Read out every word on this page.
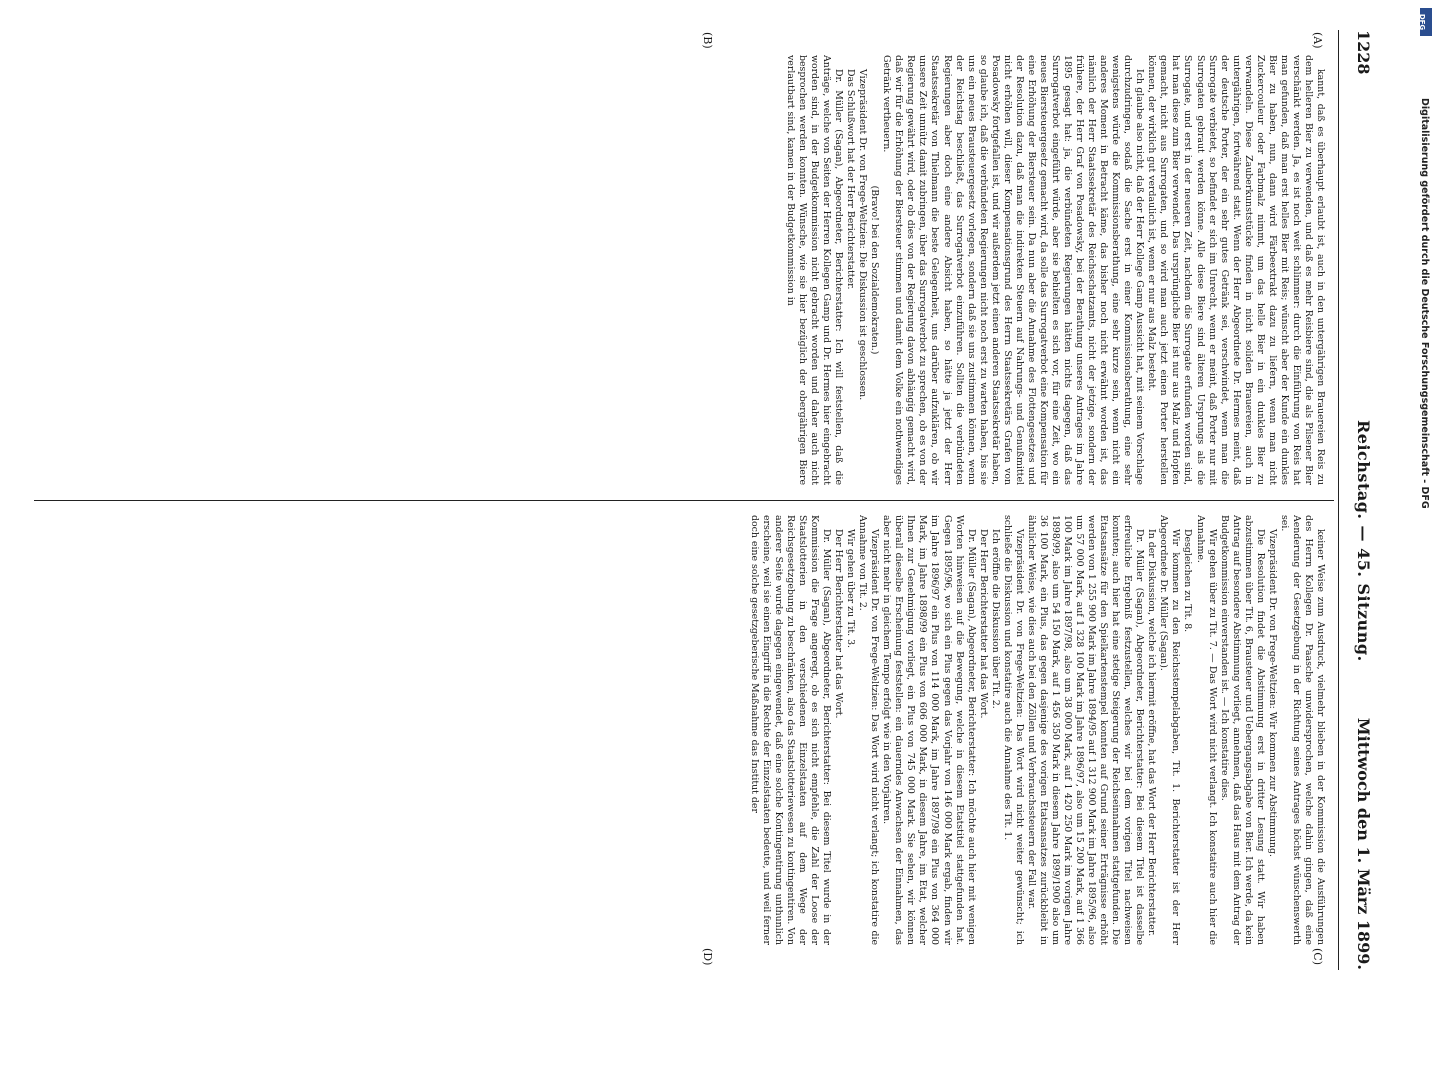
1228
Reichstag. — 45. Sitzung.
Mittwoch den 1. März 1899.
(A)
(B)
(C)
(D)

kannt, daß es überhaupt erlaubt ist, auch in den untergährigen Brauereien Reis zu dem helleren Bier zu verwenden, und daß es mehr Reisbiere sind, die als Pilsener Bier verschänkt werden. Ja, es ist noch weit schlimmer: durch die Einführung von Reis hat man gefunden, daß man erst helles Bier mit Reis; wünscht aber der Kunde ein dunkles Bier zu haben, nun, dann wird Färbeextrakt dazu zu liefern, wenn man nicht Zuckercouleur oder Farbmalz nimmt, um das helle Bier in ein dunkles Bier zu verwandeln. Diese Zauberkunststücke finden in nicht soliden Brauereien, auch in untergährigen, fortwährend statt. Wenn der Herr Abgeordnete Dr. Hermes meint, daß der deutsche Porter, der ein sehr gutes Getränk sei, verschwindet, wenn man die Surrogate verbietet, so befindet er sich im Unrecht, wenn er meint, daß Porter nur mit Surrogaten gebraut werden könne. Alle diese Biere sind älteren Ursprungs als die Surrogate, und erst in der neueren Zeit, nachdem die Surrogate erfunden worden sind, hat man diese zum Bier verwendet. Das ursprüngliche Bier ist nur aus Malz und Hopfen gemacht, nicht aus Surrogaten, und so wird man auch jetzt einen Porter herstellen können, der wirklich gut verdaulich ist, wenn er nur aus Malz besteht.

Ich glaube also nicht, daß der Herr Kollege Gamp Aussicht hat, mit seinem Vorschlage durchzudringen, sodaß die Sache erst in einer Kommissionsberathung, eine sehr wenigstens würde die Kommissionsberathung, eine sehr kurze sein, wenn nicht ein anderes Moment in Betracht käme, das bisher noch nicht erwähnt worden ist, das nämlich der Herr Staatssekretär des Reichsschatzamts, nicht der jetzige, sondern der frühere, der Herr Graf von Posadowsky, bei der Berathung unseres Antrages im Jahre 1895 gesagt hat: ja, die verbündeten Regierungen hätten nichts dagegen, daß das Surrogatverbot eingeführt würde, aber sie behielten es sich vor, für eine Zeit, wo ein neues Biersteuergesetz gemacht wird, da solle das Surrogatverbot eine Kompensation für eine Erhöhung der Biersteuer sein. Da nun aber die Annahme des Flottengesetzes und der Resolution dazu, daß man die indirekten Steuern auf Nahrungs- und Genußmittel nicht erhöhen will, dieser Kompensationsgrund des Herrn Staatssekretärs Grafen von Posadowsky fortgefallen ist, und wir außerdem jetzt einen anderen Staatssekretär haben, so glaube ich, daß die verbündeten Regierungen nicht noch erst zu warten haben, bis sie uns ein neues Brausteuergesetz vorlegen, sondern daß sie uns zustimmen können, wenn der Reichstag beschließt, das Surrogatverbot einzuführen. Sollten die verbündeten Regierungen aber doch eine andere Absicht haben, so hätte ja jetzt der Herr Staatssekretär von Thielmann die beste Gelegenheit, uns darüber aufzuklären, ob wir unsere Zeit unnütz damit zubringen, über das Surrogatverbot zu sprechen, ob es von der Regierung gewährt wird, oder ob dies von der Regierung davon abhängig gemacht wird, daß wir für die Erhöhung der Biersteuer stimmen und damit dem Volke ein nothwendiges Getränk vertheuern.

(Bravo! bei den Sozialdemokraten.)

Vizepräsident Dr. von Frege-Weltzien: Die Diskussion ist geschlossen.

Das Schlußwort hat der Herr Berichterstatter.

Dr. Müller (Sagan), Abgeordneter, Berichterstatter: Ich will feststellen, daß die Anträge, welche von Seiten der Herren Kollegen Gamp und Dr. Hermes hier eingebracht worden sind, in der Budgetkommission nicht gebracht worden und daher auch nicht besprochen werden konnten. Wünsche, wie sie hier bezüglich der obergährigen Biere verlautbart sind, kamen in der Budgetkommission in

keiner Weise zum Ausdruck, vielmehr blieben in der Kommission die Ausführungen des Herrn Kollegen Dr. Paasche unwidersprochen, welche dahin gingen, daß eine Aenderung der Gesetzgebung in der Richtung seines Antrages höchst wünschenswerth sei.

Vizepräsident Dr. von Frege-Weltzien: Wir kommen zur Abstimmung.

Die Resolution findet die Abstimmung erst in dritter Lesung statt. Wir haben abzustimmen über Tit. 6, Brausteuer und Uebergangsabgabe von Bier. Ich werde, da kein Antrag auf besondere Abstimmung vorliegt, annehmen, daß das Haus mit dem Antrag der Budgetkommission einverstanden ist. — Ich konstatire dies.

Wir gehen über zu Tit. 7. — Das Wort wird nicht verlangt. Ich konstatire auch hier die Annahme.

Desgleichen zu Tit. 8.

Wir kommen zu den Reichsstempelabgaben, Tit. 1. Berichterstatter ist der Herr Abgeordnete Dr. Müller (Sagan).

In der Diskussion, welche ich hiermit eröffne, hat das Wort der Herr Berichterstatter.

Dr. Müller (Sagan), Abgeordneter, Berichterstatter: Bei diesem Titel ist dasselbe erfreuliche Ergebniß festzustellen, welches wir bei dem vorigen Titel nachweisen konnten; auch hier hat eine stetige Steigerung der Reichseinnahmen stattgefunden. Die Etatsansätze für den Spielkartenstempel konnten auf Grund seiner Erträgnisse erhöht werden von 1 255 900 Mark im Jahre 1894/95 auf 1 312 900 Mark im Jahre 1895/96, also um 57 000 Mark, auf 1 328 100 Mark im Jahre 1896/97, also um 15 200 Mark, auf 1 366 100 Mark im Jahre 1897/98, also um 38 000 Mark, auf 1 420 250 Mark im vorigen Jahre 1898/99, also um 54 150 Mark, auf 1 456 350 Mark in diesem Jahre 1899/1900 also um 36 100 Mark, ein Plus, das gegen dasjenige des vorigen Etatsansatzes zurückbleibt in ähnlicher Weise, wie dies auch bei den Zöllen und Verbrauchssteuern der Fall war.

Vizepräsident Dr. von Frege-Weltzien: Das Wort wird nicht weiter gewünscht; ich schließe die Diskussion und konstatire auch die Annahme des Tit. 1.

Ich eröffne die Diskussion über Tit. 2.

Der Herr Berichterstatter hat das Wort.

Dr. Müller (Sagan), Abgeordneter, Berichterstatter: Ich möchte auch hier mit wenigen Worten hinweisen auf die Bewegung, welche in diesem Etatstitel stattgefunden hat. Gegen 1895/96, wo sich ein Plus gegen das Vorjahr von 146 000 Mark ergab, finden wir im Jahre 1896/97 ein Plus von 114 000 Mark, im Jahre 1897/98 ein Plus von 364 000 Mark, im Jahre 1898/99 ein Plus von 606 000 Mark, in diesem Jahre, im Etat, welcher Ihnen zur Genehmigung vorliegt, ein Plus von 745 000 Mark. Sie sehen, wir können überall dieselbe Erscheinung feststellen: ein dauerndes Anwachsen der Einnahmen, das aber nicht mehr in gleichem Tempo erfolgt wie in den Vorjahren.

Vizepräsident Dr. von Frege-Weltzien: Das Wort wird nicht verlangt; ich konstatire die Annahme von Tit. 2.

Wir gehen über zu Tit. 3.

Der Herr Berichterstatter hat das Wort.

Dr. Müller (Sagan), Abgeordneter, Berichterstatter: Bei diesem Titel wurde in der Kommission die Frage angeregt, ob es sich nicht empfehle, die Zahl der Loose der Staatslotterien in den verschiedenen Einzelstaaten auf dem Wege der Reichsgesetzgebung zu beschränken, also das Staatslotteriewesen zu kontingentiren. Von anderer Seite wurde dagegen eingewendet, daß eine solche Kontingentirung unthunlich erscheine, weil sie einen Eingriff in die Rechte der Einzelstaaten bedeute, und weil ferner doch eine solche gesetzgeberische Maßnahme das Institut der

DFG
Digitalisierung gefördert durch die Deutsche Forschungsgemeinschaft - DFG
